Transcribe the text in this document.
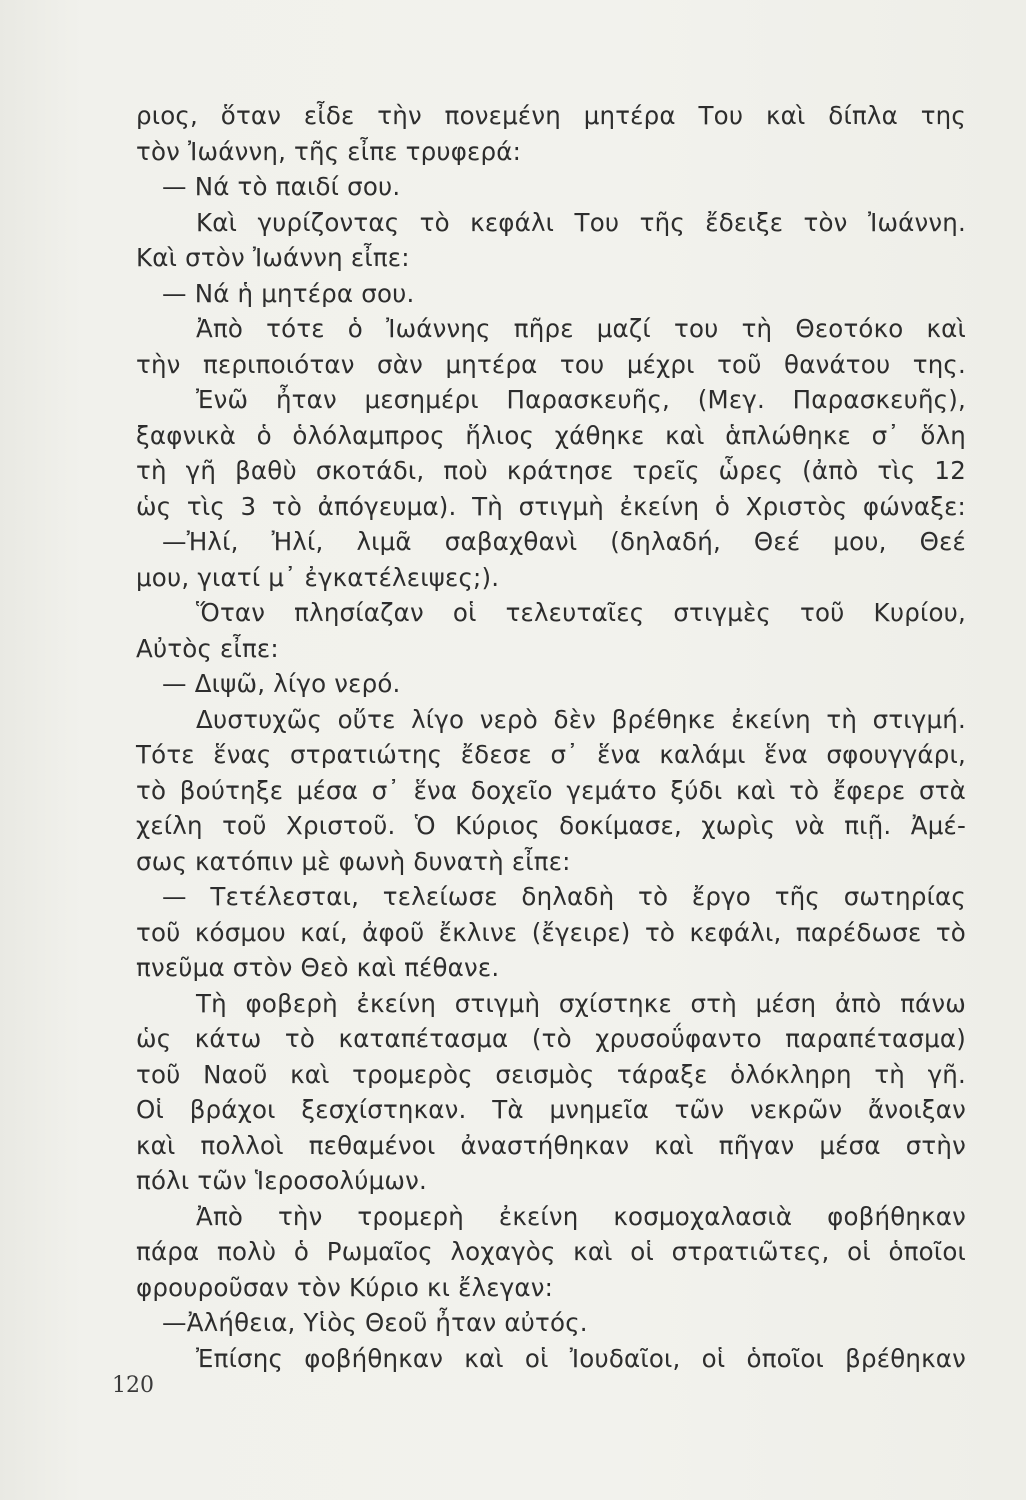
ριος, ὅταν εἶδε τὴν πονεμένη μητέρα Του καὶ δίπλα της
τὸν Ἰωάννη, τῆς εἶπε τρυφερά:
— Νά τὸ παιδί σου.
Καὶ γυρίζοντας τὸ κεφάλι Του τῆς ἔδειξε τὸν Ἰωάννη.
Καὶ στὸν Ἰωάννη εἶπε:
— Νά ἡ μητέρα σου.
Ἀπὸ τότε ὁ Ἰωάννης πῆρε μαζί του τὴ Θεοτόκο καὶ
τὴν περιποιόταν σὰν μητέρα του μέχρι τοῦ θανάτου της.
Ἐνῶ ἦταν μεσημέρι Παρασκευῆς, (Μεγ. Παρασκευῆς),
ξαφνικὰ ὁ ὁλόλαμπρος ἥλιος χάθηκε καὶ ἁπλώθηκε σ᾽ ὅλη
τὴ γῆ βαθὺ σκοτάδι, ποὺ κράτησε τρεῖς ὧρες (ἀπὸ τὶς 12
ὡς τὶς 3 τὸ ἀπόγευμα). Τὴ στιγμὴ ἐκείνη ὁ Χριστὸς φώναξε:
—Ἠλί, Ἠλί, λιμᾶ σαβαχθανὶ (δηλαδή, Θεέ μου, Θεέ
μου, γιατί μ᾽ ἐγκατέλειψες;).
Ὅταν πλησίαζαν οἱ τελευταῖες στιγμὲς τοῦ Κυρίου,
Αὐτὸς εἶπε:
— Διψῶ, λίγο νερό.
Δυστυχῶς οὔτε λίγο νερὸ δὲν βρέθηκε ἐκείνη τὴ στιγμή.
Τότε ἕνας στρατιώτης ἔδεσε σ᾽ ἕνα καλάμι ἕνα σφουγγάρι,
τὸ βούτηξε μέσα σ᾽ ἕνα δοχεῖο γεμάτο ξύδι καὶ τὸ ἔφερε στὰ
χείλη τοῦ Χριστοῦ. Ὁ Κύριος δοκίμασε, χωρὶς νὰ πιῇ. Ἀμέ-
σως κατόπιν μὲ φωνὴ δυνατὴ εἶπε:
— Τετέλεσται, τελείωσε δηλαδὴ τὸ ἔργο τῆς σωτηρίας
τοῦ κόσμου καί, ἀφοῦ ἔκλινε (ἔγειρε) τὸ κεφάλι, παρέδωσε τὸ
πνεῦμα στὸν Θεὸ καὶ πέθανε.
Τὴ φοβερὴ ἐκείνη στιγμὴ σχίστηκε στὴ μέση ἀπὸ πάνω
ὡς κάτω τὸ καταπέτασμα (τὸ χρυσοΰφαντο παραπέτασμα)
τοῦ Ναοῦ καὶ τρομερὸς σεισμὸς τάραξε ὁλόκληρη τὴ γῆ.
Οἱ βράχοι ξεσχίστηκαν. Τὰ μνημεῖα τῶν νεκρῶν ἄνοιξαν
καὶ πολλοὶ πεθαμένοι ἀναστήθηκαν καὶ πῆγαν μέσα στὴν
πόλι τῶν Ἱεροσολύμων.
Ἀπὸ τὴν τρομερὴ ἐκείνη κοσμοχαλασιὰ φοβήθηκαν
πάρα πολὺ ὁ Ρωμαῖος λοχαγὸς καὶ οἱ στρατιῶτες, οἱ ὁποῖοι
φρουροῦσαν τὸν Κύριο κι ἔλεγαν:
—Ἀλήθεια, Υἱὸς Θεοῦ ἦταν αὐτός.
Ἐπίσης φοβήθηκαν καὶ οἱ Ἰουδαῖοι, οἱ ὁποῖοι βρέθηκαν
120
